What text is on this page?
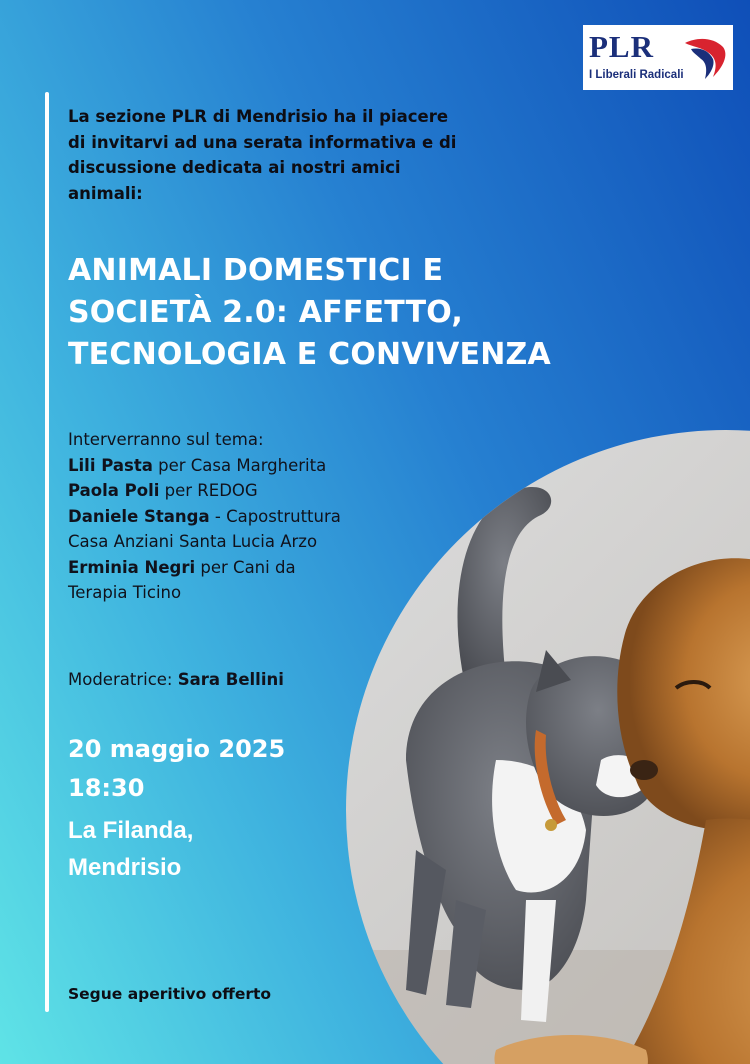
PLR
I Liberali Radicali

La sezione PLR di Mendrisio ha il piacere
di invitarvi ad una serata informativa e di
discussione dedicata ai nostri amici
animali:

ANIMALI DOMESTICI E
SOCIETÀ 2.0: AFFETTO,
TECNOLOGIA E CONVIVENZA
Interverranno sul tema:
Lili Pasta per Casa Margherita
Paola Poli per REDOG
Daniele Stanga - Capostruttura
Casa Anziani Santa Lucia Arzo
Erminia Negri per Cani da
Terapia Ticino
Moderatrice: Sara Bellini
20 maggio 2025
18:30
La Filanda,
Mendrisio
Segue aperitivo offerto
